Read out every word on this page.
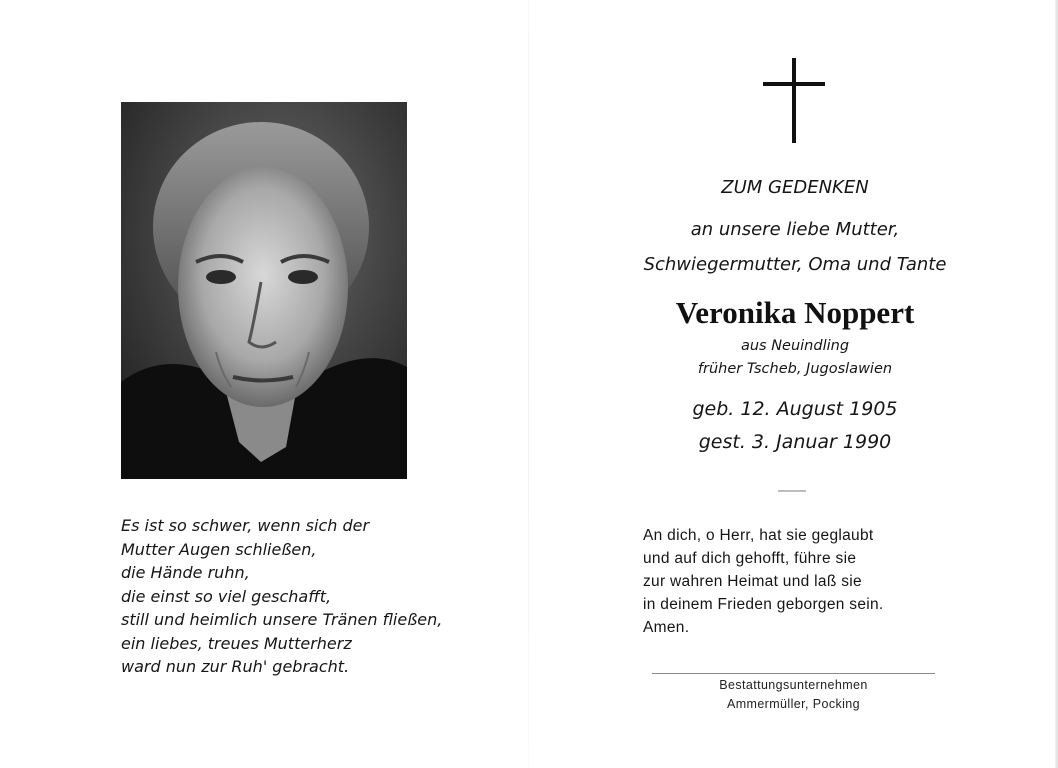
Es ist so schwer, wenn sich der
Mutter Augen schließen,
die Hände ruhn,
die einst so viel geschafft,
still und heimlich unsere Tränen fließen,
ein liebes, treues Mutterherz
ward nun zur Ruh' gebracht.
ZUM GEDENKEN
an unsere liebe Mutter,
Schwiegermutter, Oma und Tante
Veronika Noppert
aus Neuindling
früher Tscheb, Jugoslawien
geb. 12. August 1905
gest. 3. Januar 1990
An dich, o Herr, hat sie geglaubt
und auf dich gehofft, führe sie
zur wahren Heimat und laß sie
in deinem Frieden geborgen sein.
Amen.
Bestattungsunternehmen
Ammermüller, Pocking
